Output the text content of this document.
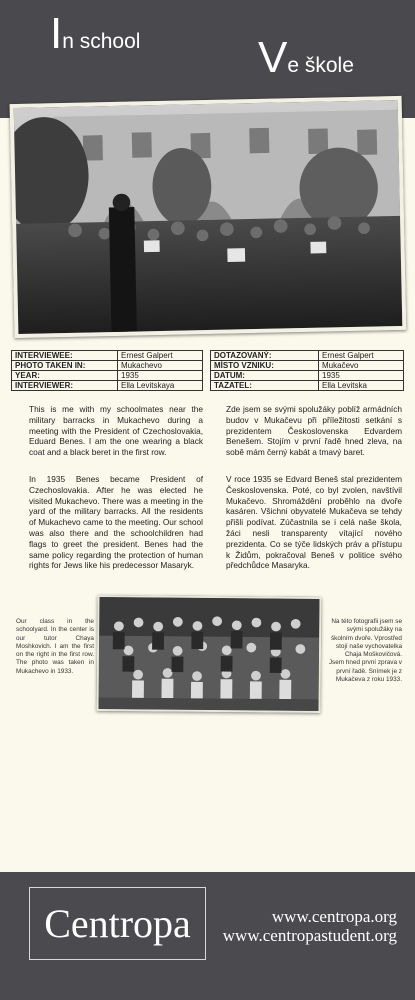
In school	Ve škole
INTERVIEWEE:	Ernest Galpert
PHOTO TAKEN IN:	Mukachevo
YEAR:	1935
INTERVIEWER:	Ella Levitskaya
DOTAZOVANÝ:	Ernest Galpert
MÍSTO VZNIKU:	Mukačevo
DATUM:	1935
TAZATEL:	Ella Levitska

This is me with my schoolmates near the military barracks in Mukachevo during a meeting with the President of Czechoslovakia, Eduard Benes. I am the one wearing a black coat and a black beret in the first row.

In 1935 Benes became President of Czechoslovakia. After he was elected he visited Mukachevo. There was a meeting in the yard of the military barracks. All the residents of Mukachevo came to the meeting. Our school was also there and the schoolchildren had flags to greet the president. Benes had the same policy regarding the protection of human rights for Jews like his predecessor Masaryk.

Zde jsem se svými spolužáky poblíž armádních budov v Mukačevu při příležitosti setkání s prezidentem Československa Edvardem Benešem. Stojím v první řadě hned zleva, na sobě mám černý kabát a tmavý baret.

V roce 1935 se Edvard Beneš stal prezidentem Československa. Poté, co byl zvolen, navštívil Mukačevo. Shromáždění proběhlo na dvoře kasáren. Všichni obyvatelé Mukačeva se tehdy přišli podívat. Zúčastnila se i celá naše škola, žáci nesli transparenty vítající nového prezidenta. Co se týče lidských práv a přístupu k Židům, pokračoval Beneš v politice svého předchůdce Masaryka.

Our class in the schoolyard. In the center is our tutor Chaya Moshkovich. I am the first on the right in the first row. The photo was taken in Mukachevo in 1933.

Na této fotografii jsem se svými spolužáky na školním dvoře. Vprostřed stojí naše vychovatelka Chaja Moškovičová. Jsem hned první zprava v první řadě. Snímek je z Mukačeva z roku 1933.

Centropa	www.centropa.org
www.centropastudent.org
